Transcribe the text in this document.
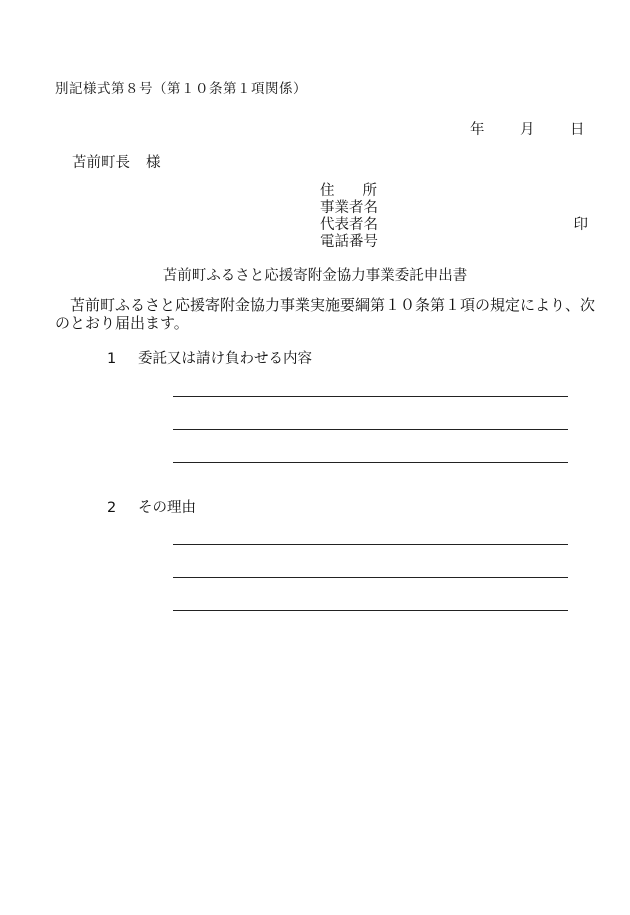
別記様式第８号（第１０条第１項関係）
年 月 日
苫前町長 様
住 所
事業者名
代表者名	印
電話番号
苫前町ふるさと応援寄附金協力事業委託申出書
苫前町ふるさと応援寄附金協力事業実施要綱第１０条第１項の規定により、次のとおり届出ます。
1 委託又は請け負わせる内容
2 その理由
